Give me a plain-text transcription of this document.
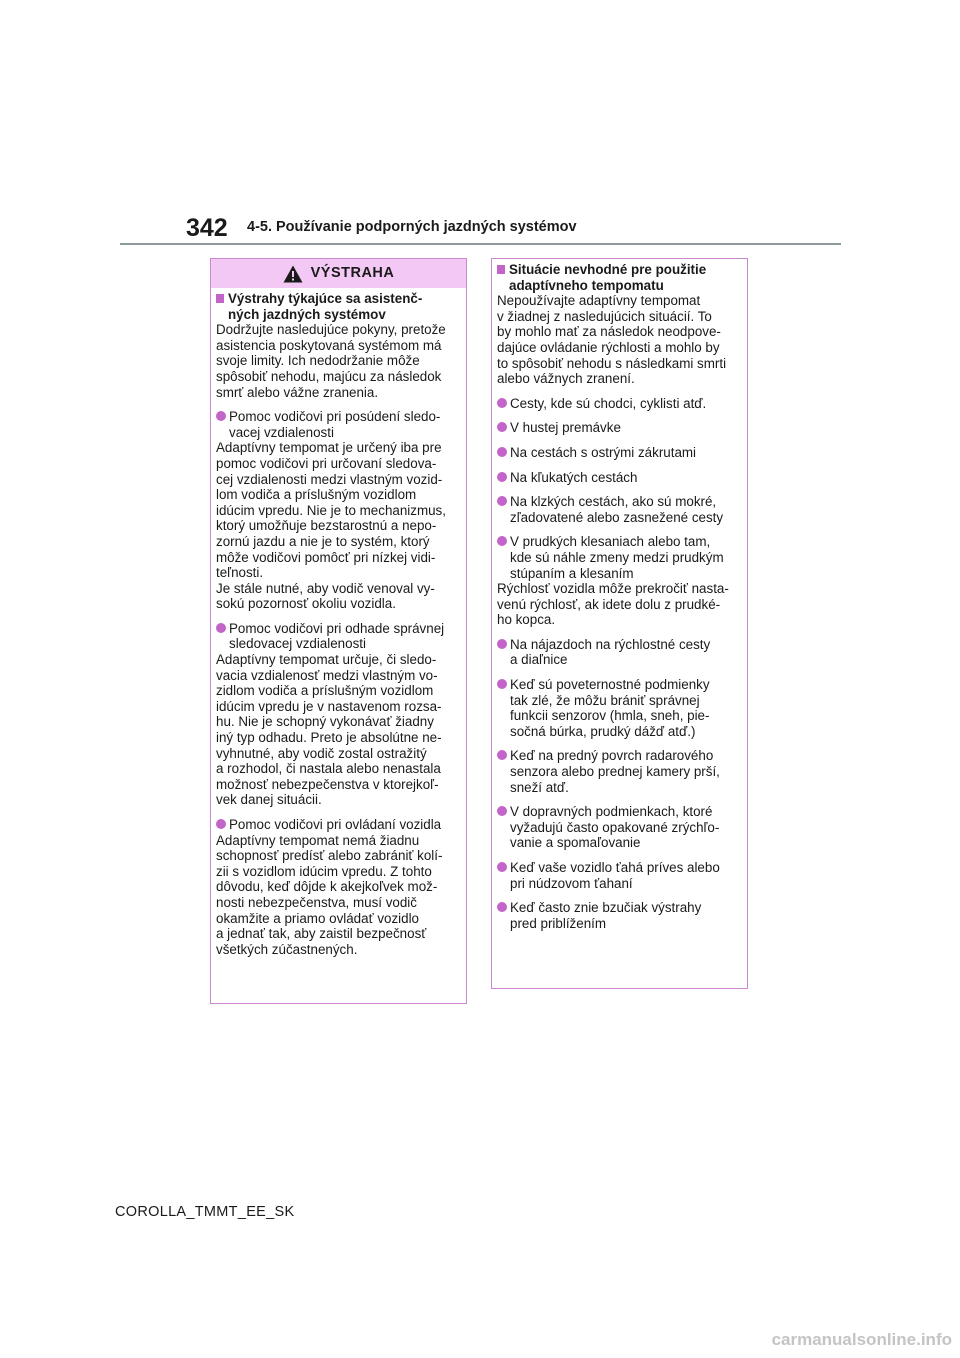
342 4-5. Používanie podporných jazdných systémov
VÝSTRAHA
Výstrahy týkajúce sa asistenč-
ných jazdných systémov

Dodržujte nasledujúce pokyny, pretože
asistencia poskytovaná systémom má
svoje limity. Ich nedodržanie môže
spôsobiť nehodu, majúcu za následok
smrť alebo vážne zranenia.

Pomoc vodičovi pri posúdení sledo-
vacej vzdialenosti

Adaptívny tempomat je určený iba pre
pomoc vodičovi pri určovaní sledova-
cej vzdialenosti medzi vlastným vozid-
lom vodiča a príslušným vozidlom
idúcim vpredu. Nie je to mechanizmus,
ktorý umožňuje bezstarostnú a nepo-
zornú jazdu a nie je to systém, ktorý
môže vodičovi pomôcť pri nízkej vidi-
teľnosti.
Je stále nutné, aby vodič venoval vy-
sokú pozornosť okoliu vozidla.

Pomoc vodičovi pri odhade správnej
sledovacej vzdialenosti

Adaptívny tempomat určuje, či sledo-
vacia vzdialenosť medzi vlastným vo-
zidlom vodiča a príslušným vozidlom
idúcim vpredu je v nastavenom rozsa-
hu. Nie je schopný vykonávať žiadny
iný typ odhadu. Preto je absolútne ne-
vyhnutné, aby vodič zostal ostražitý
a rozhodol, či nastala alebo nenastala
možnosť nebezpečenstva v ktorejkoľ-
vek danej situácii.

Pomoc vodičovi pri ovládaní vozidla

Adaptívny tempomat nemá žiadnu
schopnosť predísť alebo zabrániť kolí-
zii s vozidlom idúcim vpredu. Z tohto
dôvodu, keď dôjde k akejkoľvek mož-
nosti nebezpečenstva, musí vodič
okamžite a priamo ovládať vozidlo
a jednať tak, aby zaistil bezpečnosť
všetkých zúčastnených.

Situácie nevhodné pre použitie
adaptívneho tempomatu

Nepoužívajte adaptívny tempomat
v žiadnej z nasledujúcich situácií. To
by mohlo mať za následok neodpove-
dajúce ovládanie rýchlosti a mohlo by
to spôsobiť nehodu s následkami smrti
alebo vážnych zranení.

Cesty, kde sú chodci, cyklisti atď.
V hustej premávke
Na cestách s ostrými zákrutami
Na kľukatých cestách
Na klzkých cestách, ako sú mokré,
zľadovatené alebo zasnežené cesty
V prudkých klesaniach alebo tam,
kde sú náhle zmeny medzi prudkým
stúpaním a klesaním

Rýchlosť vozidla môže prekročiť nasta-
venú rýchlosť, ak idete dolu z prudké-
ho kopca.

Na nájazdoch na rýchlostné cesty
a diaľnice
Keď sú poveternostné podmienky
tak zlé, že môžu brániť správnej
funkcii senzorov (hmla, sneh, pie-
sočná búrka, prudký dážď atď.)
Keď na predný povrch radarového
senzora alebo prednej kamery prší,
sneží atď.
V dopravných podmienkach, ktoré
vyžadujú často opakované zrýchľo-
vanie a spomaľovanie
Keď vaše vozidlo ťahá príves alebo
pri núdzovom ťahaní
Keď často znie bzučiak výstrahy
pred priblížením
COROLLA_TMMT_EE_SK
carmanualsonline.info
